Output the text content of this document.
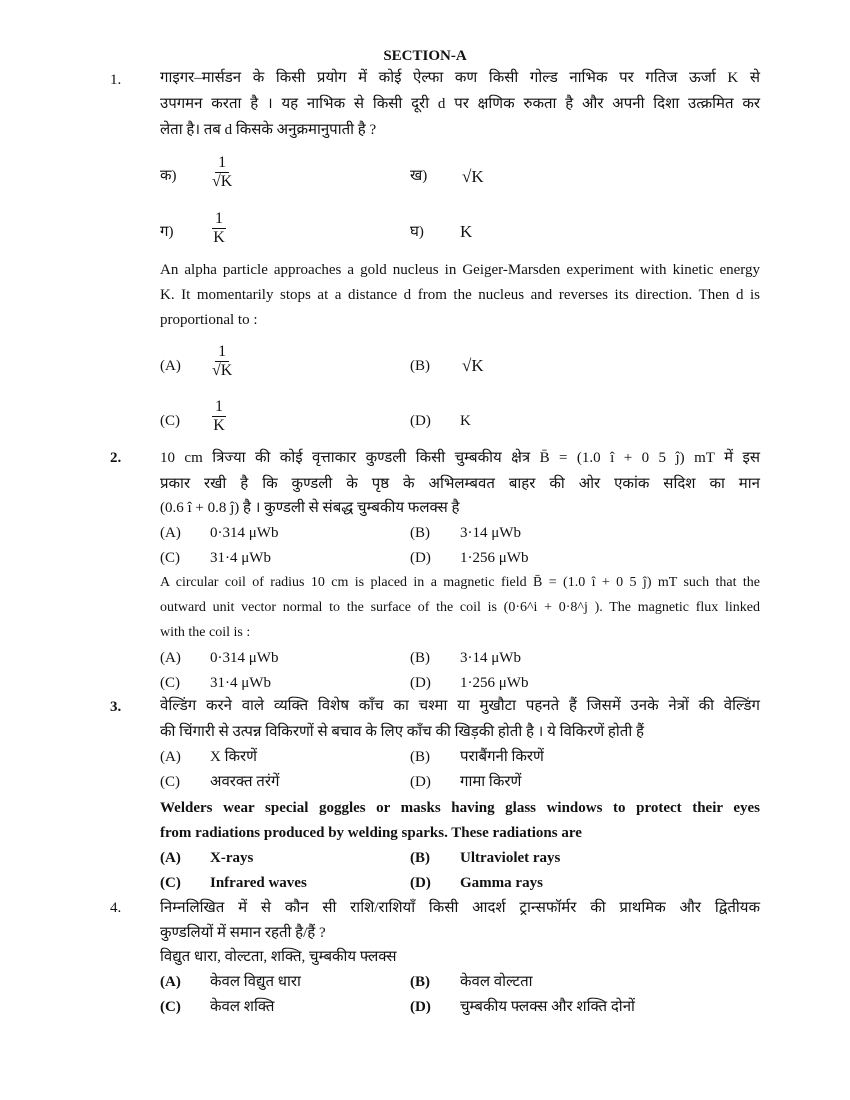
SECTION-A
1.	गाइगर–मार्सडन के किसी प्रयोग में कोई ऐल्फा कण किसी गोल्ड नाभिक पर गतिज ऊर्जा K से
उपगमन करता है । यह नाभिक से किसी दूरी d पर क्षणिक रुकता है और अपनी दिशा उत्क्रमित कर
लेता है। तब d किसके अनुक्रमानुपाती है ?
क) $\frac{1}{√K}$	ख) √K
ग) $\frac{1}{K}$	घ) K
An alpha particle approaches a gold nucleus in Geiger-Marsden experiment with kinetic energy
K. It momentarily stops at a distance d from the nucleus and reverses its direction. Then d is
proportional to :
$(A) \frac{1}{√K}$	(B) √K
$(C) \frac{1}{K}$	(D) K
2.	10 cm त्रिज्या की कोई वृत्ताकार कुण्डली किसी चुम्बकीय क्षेत्र B̄ = (1.0 î + 0 5 ĵ) mT में इस
प्रकार रखी है कि कुण्डली के पृष्ठ के अभिलम्बवत बाहर की ओर एकांक सदिश का मान
(0.6 î + 0.8 ĵ) है । कुण्डली से संबद्ध चुम्बकीय फलक्स है
(A) 0·314 μWb	(B) 3·14 μWb
(C) 31·4 μWb	(D) 1·256 μWb
A circular coil of radius 10 cm is placed in a magnetic field B̄ = (1.0 î + 0 5 ĵ) mT such that the
outward unit vector normal to the surface of the coil is (0·6^i + 0·8^j ). The magnetic flux linked
with the coil is :
(A) 0·314 μWb	(B) 3·14 μWb
(C) 31·4 μWb	(D) 1·256 μWb
3.	वेल्डिंग करने वाले व्यक्ति विशेष काँच का चश्मा या मुखौटा पहनते हैं जिसमें उनके नेत्रों की वेल्डिंग
की चिंगारी से उत्पन्न विकिरणों से बचाव के लिए काँच की खिड़की होती है । ये विकिरणें होती हैं
(A) X किरणें	(B) पराबैंगनी किरणें
(C) अवरक्त तरंगें	(D) गामा किरणें
Welders wear special goggles or masks having glass windows to protect their eyes
from radiations produced by welding sparks. These radiations are
(A) X-rays	(B) Ultraviolet rays
(C) Infrared waves	(D) Gamma rays
4.	निम्नलिखित में से कौन सी राशि/राशियाँ किसी आदर्श ट्रान्सफॉर्मर की प्राथमिक और द्वितीयक
कुण्डलियों में समान रहती है/हैं ?
विद्युत धारा, वोल्टता, शक्ति, चुम्बकीय फ्लक्स
(A) केवल विद्युत धारा	(B) केवल वोल्टता
(C) केवल शक्ति	(D) चुम्बकीय फ्लक्स और शक्ति दोनों
